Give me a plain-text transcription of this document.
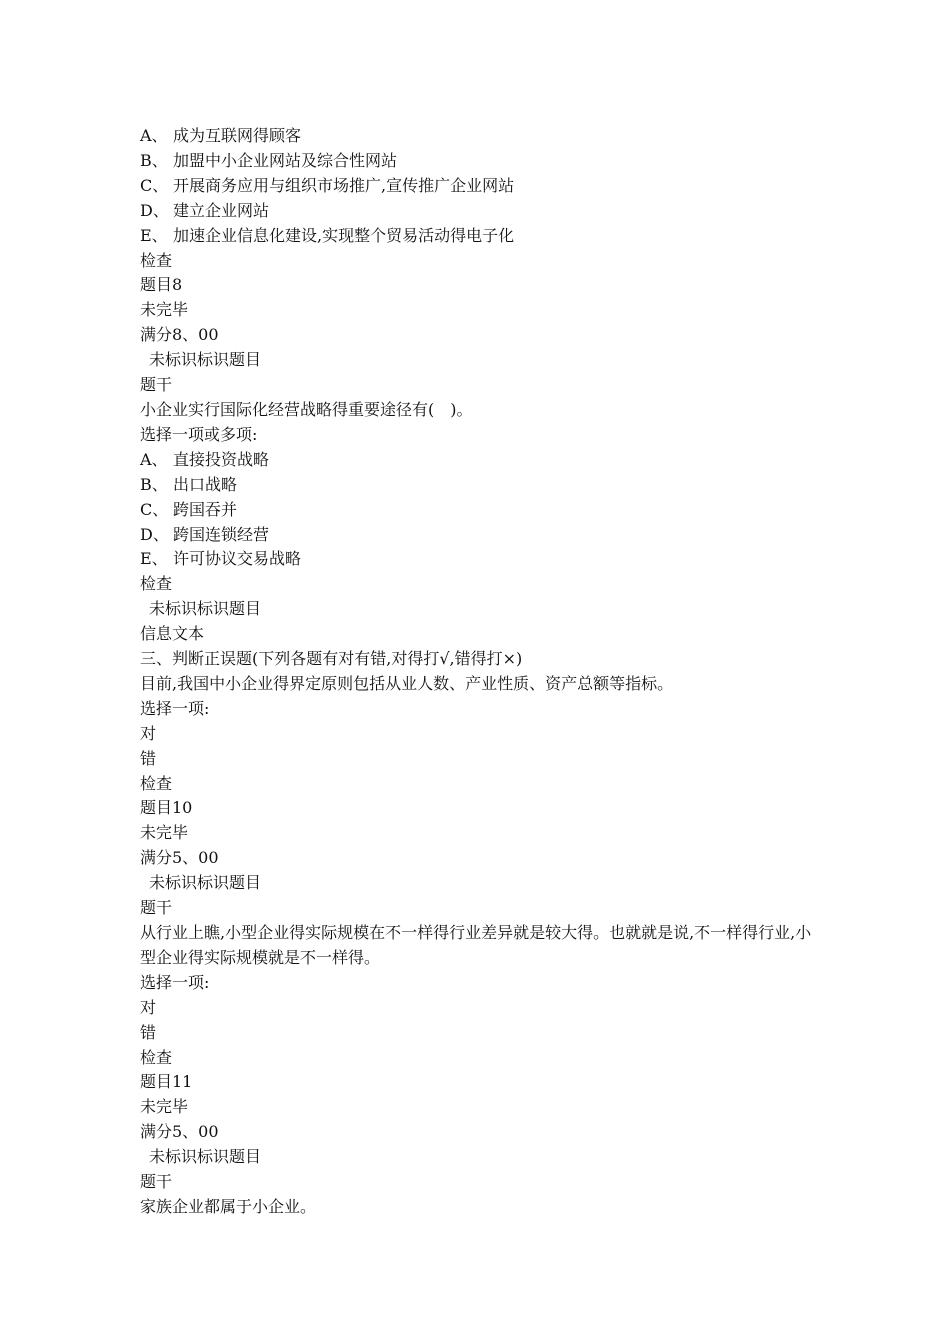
A、 成为互联网得顾客
B、 加盟中小企业网站及综合性网站
C、 开展商务应用与组织市场推广,宣传推广企业网站
D、 建立企业网站
E、 加速企业信息化建设,实现整个贸易活动得电子化
检查
题目8
未完毕
满分8、00
未标识标识题目
题干
小企业实行国际化经营战略得重要途径有(　)。
选择一项或多项:
A、 直接投资战略
B、 出口战略
C、 跨国吞并
D、 跨国连锁经营
E、 许可协议交易战略
检查
未标识标识题目
信息文本
三、判断正误题(下列各题有对有错,对得打√,错得打×)
目前,我国中小企业得界定原则包括从业人数、产业性质、资产总额等指标。
选择一项:
对
错
检查
题目10
未完毕
满分5、00
未标识标识题目
题干
从行业上瞧,小型企业得实际规模在不一样得行业差异就是较大得。也就就是说,不一样得行业,小型企业得实际规模就是不一样得。
选择一项:
对
错
检查
题目11
未完毕
满分5、00
未标识标识题目
题干
家族企业都属于小企业。
